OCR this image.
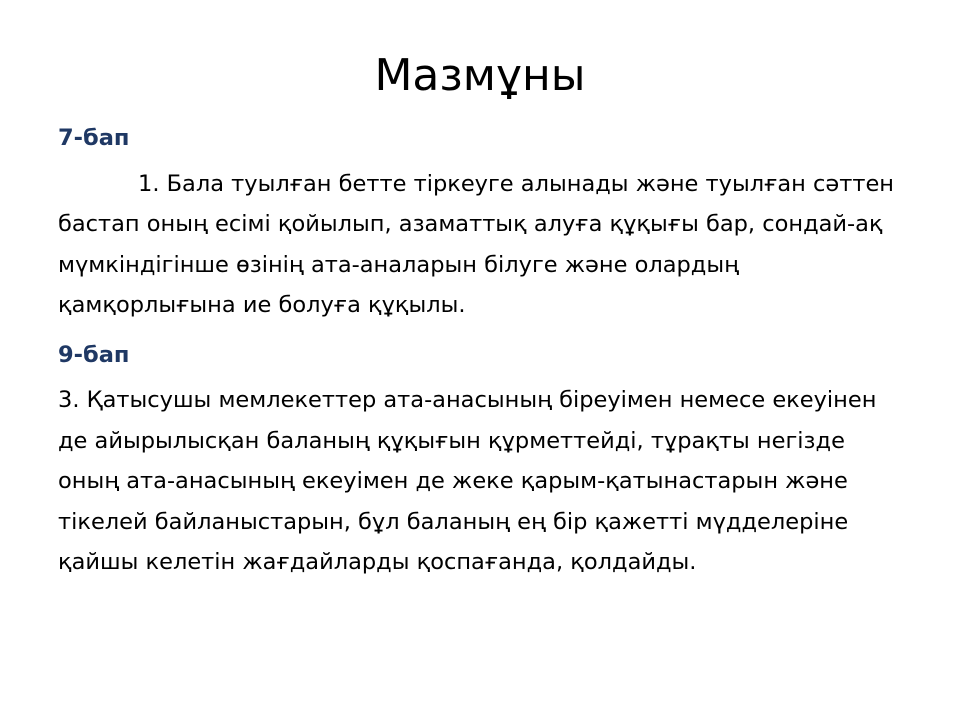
Мазмұны
7-бап

1. Бала туылған бетте тіркеуге алынады және туылған сәттен бастап оның есімі қойылып, азаматтық алуға құқығы бар, сондай-ақ мүмкіндігінше өзінің ата-аналарын білуге және олардың қамқорлығына ие болуға құқылы.

9-бап

3. Қатысушы мемлекеттер ата-анасының біреуімен немесе екеуінен де айырылысқан баланың құқығын құрметтейді, тұрақты негізде оның ата-анасының екеуімен де жеке қарым-қатынастарын және тікелей байланыстарын, бұл баланың ең бір қажетті мүдделеріне қайшы келетін жағдайларды қоспағанда, қолдайды.
